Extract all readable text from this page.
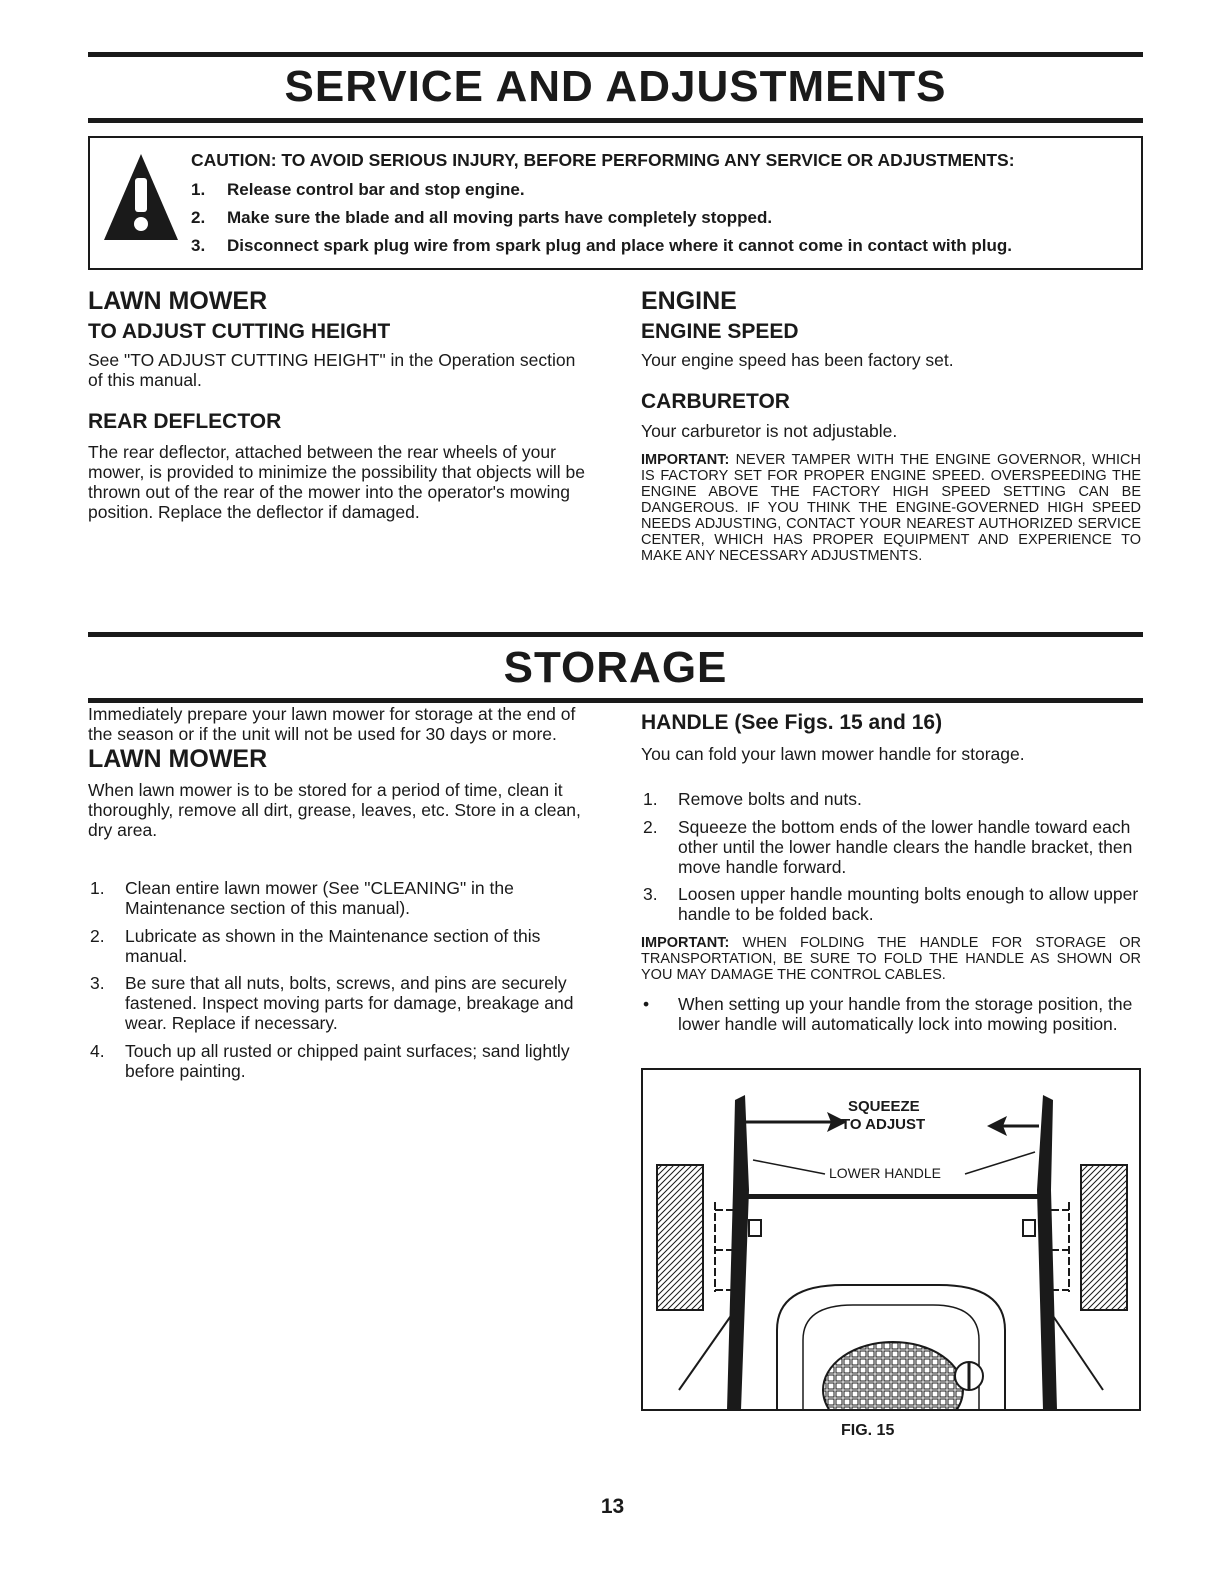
SERVICE AND ADJUSTMENTS
CAUTION: TO AVOID SERIOUS INJURY, BEFORE PERFORMING ANY SERVICE OR ADJUSTMENTS:
1. Release control bar and stop engine.
2. Make sure the blade and all moving parts have completely stopped.
3. Disconnect spark plug wire from spark plug and place where it cannot come in contact with plug.
LAWN MOWER
TO ADJUST CUTTING HEIGHT
See "TO ADJUST CUTTING HEIGHT" in the Operation section of this manual.
REAR DEFLECTOR
The rear deflector, attached between the rear wheels of your mower, is provided to minimize the possibility that objects will be thrown out of the rear of the mower into the operator's mowing position. Replace the deflector if damaged.
ENGINE
ENGINE SPEED
Your engine speed has been factory set.
CARBURETOR
Your carburetor is not adjustable.
IMPORTANT: NEVER TAMPER WITH THE ENGINE GOVERNOR, WHICH IS FACTORY SET FOR PROPER ENGINE SPEED. OVERSPEEDING THE ENGINE ABOVE THE FACTORY HIGH SPEED SETTING CAN BE DANGEROUS. IF YOU THINK THE ENGINE-GOVERNED HIGH SPEED NEEDS ADJUSTING, CONTACT YOUR NEAREST AUTHORIZED SERVICE CENTER, WHICH HAS PROPER EQUIPMENT AND EXPERIENCE TO MAKE ANY NECESSARY ADJUSTMENTS.
STORAGE
Immediately prepare your lawn mower for storage at the end of the season or if the unit will not be used for 30 days or more.
LAWN MOWER
When lawn mower is to be stored for a period of time, clean it thoroughly, remove all dirt, grease, leaves, etc. Store in a clean, dry area.
1. Clean entire lawn mower (See "CLEANING" in the Maintenance section of this manual).
2. Lubricate as shown in the Maintenance section of this manual.
3. Be sure that all nuts, bolts, screws, and pins are securely fastened. Inspect moving parts for damage, breakage and wear. Replace if necessary.
4. Touch up all rusted or chipped paint surfaces; sand lightly before painting.
HANDLE (See Figs. 15 and 16)
You can fold your lawn mower handle for storage.
1. Remove bolts and nuts.
2. Squeeze the bottom ends of the lower handle toward each other until the lower handle clears the handle bracket, then move handle forward.
3. Loosen upper handle mounting bolts enough to allow upper handle to be folded back.
IMPORTANT: WHEN FOLDING THE HANDLE FOR STORAGE OR TRANSPORTATION, BE SURE TO FOLD THE HANDLE AS SHOWN OR YOU MAY DAMAGE THE CONTROL CABLES.
• When setting up your handle from the storage position, the lower handle will automatically lock into mowing position.
SQUEEZE
TO ADJUST
LOWER HANDLE
FIG. 15
13
